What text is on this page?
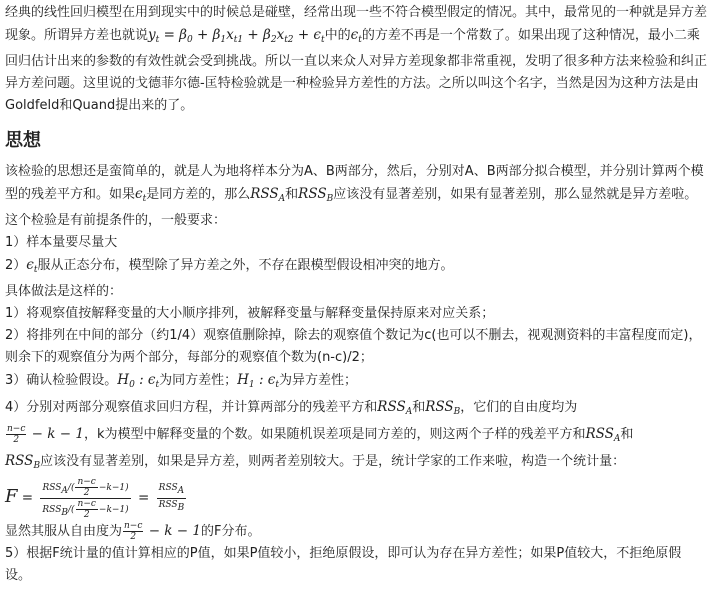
经典的线性回归模型在用到现实中的时候总是碰壁，经常出现一些不符合模型假定的情况。其中，最常见的一种就是异方差现象。所谓异方差也就说$y_t = \beta_0 + \beta_1x_{t1} + \beta_2x_{t2} + \epsilon_t$中的$\epsilon_t$的方差不再是一个常数了。如果出现了这种情况，最小二乘回归估计出来的参数的有效性就会受到挑战。所以一直以来众人对异方差现象都非常重视，发明了很多种方法来检验和纠正异方差问题。这里说的戈德菲尔德-匡特检验就是一种检验异方差性的方法。之所以叫这个名字，当然是因为这种方法是由Goldfeld和Quand提出来的了。

思想

该检验的思想还是蛮简单的，就是人为地将样本分为A、B两部分，然后，分别对A、B两部分拟合模型，并分别计算两个模型的残差平方和。如果$\epsilon_t$是同方差的，那么$RSS_A$和$RSS_B$应该没有显著差别，如果有显著差别，那么显然就是异方差啦。

这个检验是有前提条件的，一般要求：

1）样本量要尽量大

$2)\epsilon_t$服从正态分布，模型除了异方差之外，不存在跟模型假设相冲突的地方。

具体做法是这样的：

1）将观察值按解释变量的大小顺序排列，被解释变量与解释变量保持原来对应关系；

2）将排列在中间的部分（约1/4）观察值删除掉，除去的观察值个数记为c(也可以不删去，视观测资料的丰富程度而定)，则余下的观察值分为两个部分，每部分的观察值个数为(n-c)/2；

3）确认检验假设。$H_0$ : $\epsilon_t$为同方差性；$H_1$ : $\epsilon_t$为异方差性；

4）分别对两部分观察值求回归方程，并计算两部分的残差平方和$RSS_A$和$RSS_B$，它们的自由度均为

$\frac{n-c}{2} - k - 1$，k为模型中解释变量的个数。如果随机误差项是同方差的，则这两个子样的残差平方和$RSS_A$和
$RSS_B$应该没有显著差别，如果是异方差，则两者差别较大。于是，统计学家的工作来啦，构造一个统计量：

$F = \frac{RSS_A/( \frac{n-c}{2} -k-1)}{RSS_B/( \frac{n-c}{2} -k-1)} = \frac{RSS_A}{RSS_B}$

显然其服从自由度为 $\frac{n-c}{2} - k - 1$的F分布。

5）根据F统计量的值计算相应的P值，如果P值较小，拒绝原假设，即可认为存在异方差性；如果P值较大，不拒绝原假设。
